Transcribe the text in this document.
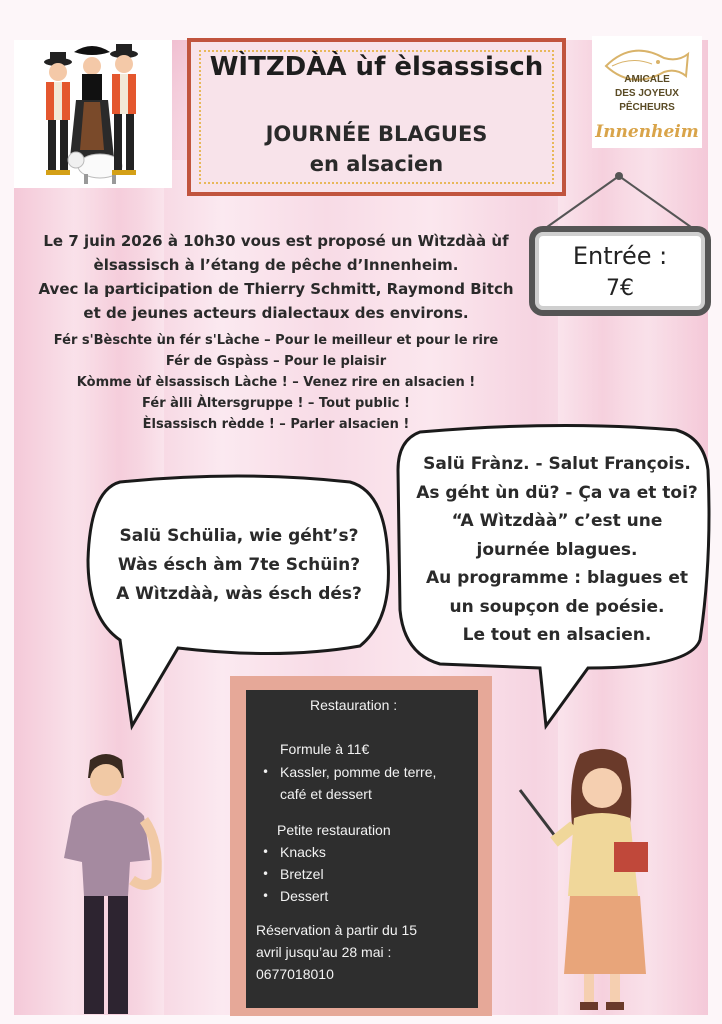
AMICALE
DES JOYEUX
PÊCHEURS
Innenheim
WÌTZDÀÀ ùf èlsassisch
JOURNÉE BLAGUES
en alsacien
Entrée :
7€
Le 7 juin 2026 à 10h30 vous est proposé un Wìtzdàà ùf
èlsassisch à l’étang de pêche d’Innenheim.
Avec la participation de Thierry Schmitt, Raymond Bitch
et de jeunes acteurs dialectaux des environs.
Fér s'Bèschte ùn fér s'Làche – Pour le meilleur et pour le rire
Fér de Gspàss – Pour le plaisir
Kòmme ùf èlsassisch Làche ! – Venez rire en alsacien !
Fér àlli Àltersgruppe ! – Tout public !
Èlsassisch rèdde ! – Parler alsacien !
Salü Schülia, wie géht’s?
Wàs ésch àm 7te Schüin?
A Wìtzdàà, wàs ésch dés?
Salü Frànz. - Salut François.
As géht ùn dü? - Ça va et toi?
“A Wìtzdàà” c’est une
journée blagues.
Au programme : blagues et
un soupçon de poésie.
Le tout en alsacien.
Restauration :
Formule à 11€
• Kassler, pomme de terre,
café et dessert
Petite restauration
• Knacks
• Bretzel
• Dessert
Réservation à partir du 15
avril jusqu’au 28 mai :
0677018010
